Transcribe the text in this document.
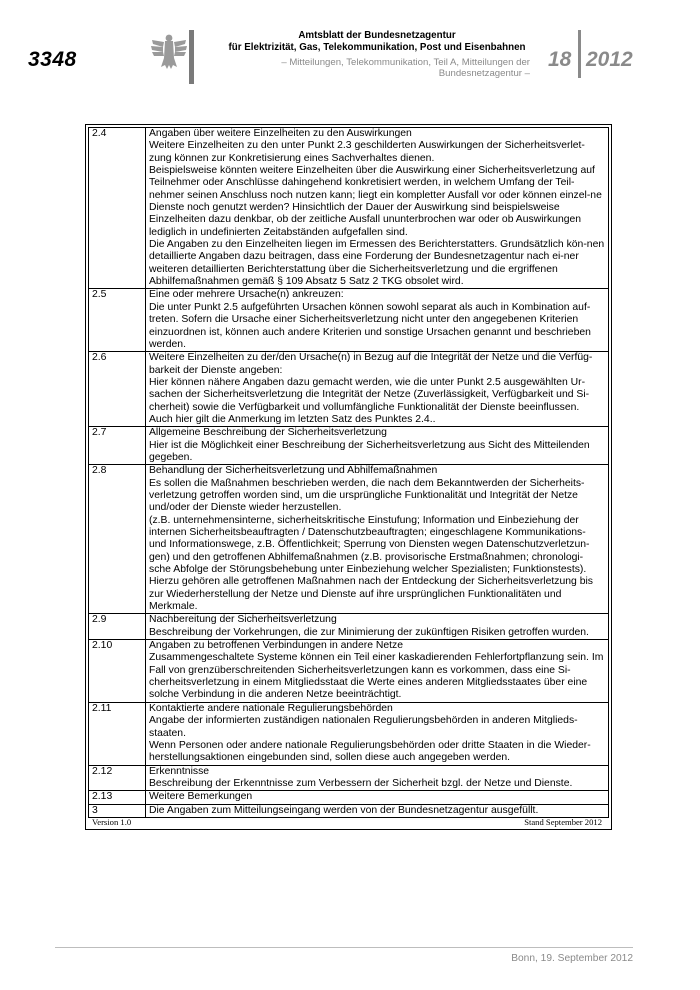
3348
Amtsblatt der Bundesnetzagentur
für Elektrizität, Gas, Telekommunikation, Post und Eisenbahnen
– Mitteilungen, Telekommunikation, Teil A, Mitteilungen der Bundesnetzagentur –
18 2012
2.4	Angaben über weitere Einzelheiten zu den Auswirkungen

Weitere Einzelheiten zu den unter Punkt 2.3 geschilderten Auswirkungen der Sicherheitsverlet-zung können zur Konkretisierung eines Sachverhaltes dienen.

Beispielsweise könnten weitere Einzelheiten über die Auswirkung einer Sicherheitsverletzung auf Teilnehmer oder Anschlüsse dahingehend konkretisiert werden, in welchem Umfang der Teil-nehmer seinen Anschluss noch nutzen kann; liegt ein kompletter Ausfall vor oder können einzel-ne Dienste noch genutzt werden? Hinsichtlich der Dauer der Auswirkung sind beispielsweise Einzelheiten dazu denkbar, ob der zeitliche Ausfall ununterbrochen war oder ob Auswirkungen lediglich in undefinierten Zeitabständen aufgefallen sind.

Die Angaben zu den Einzelheiten liegen im Ermessen des Berichterstatters. Grundsätzlich kön-nen detaillierte Angaben dazu beitragen, dass eine Forderung der Bundesnetzagentur nach ei-ner weiteren detaillierten Berichterstattung über die Sicherheitsverletzung und die ergriffenen Abhilfemaßnahmen gemäß § 109 Absatz 5 Satz 2 TKG obsolet wird.

2.5	Eine oder mehrere Ursache(n) ankreuzen:

Die unter Punkt 2.5 aufgeführten Ursachen können sowohl separat als auch in Kombination auf-treten. Sofern die Ursache einer Sicherheitsverletzung nicht unter den angegebenen Kriterien einzuordnen ist, können auch andere Kriterien und sonstige Ursachen genannt und beschrieben werden.

2.6	Weitere Einzelheiten zu der/den Ursache(n) in Bezug auf die Integrität der Netze und die Verfüg-barkeit der Dienste angeben:

Hier können nähere Angaben dazu gemacht werden, wie die unter Punkt 2.5 ausgewählten Ur-sachen der Sicherheitsverletzung die Integrität der Netze (Zuverlässigkeit, Verfügbarkeit und Si-cherheit) sowie die Verfügbarkeit und vollumfängliche Funktionalität der Dienste beeinflussen.

Auch hier gilt die Anmerkung im letzten Satz des Punktes 2.4..

2.7	Allgemeine Beschreibung der Sicherheitsverletzung

Hier ist die Möglichkeit einer Beschreibung der Sicherheitsverletzung aus Sicht des Mitteilenden gegeben.

2.8	Behandlung der Sicherheitsverletzung und Abhilfemaßnahmen

Es sollen die Maßnahmen beschrieben werden, die nach dem Bekanntwerden der Sicherheits-verletzung getroffen worden sind, um die ursprüngliche Funktionalität und Integrität der Netze und/oder der Dienste wieder herzustellen.

(z.B. unternehmensinterne, sicherheitskritische Einstufung; Information und Einbeziehung der internen Sicherheitsbeauftragten / Datenschutzbeauftragten; eingeschlagene Kommunikations- und Informationswege, z.B. Öffentlichkeit; Sperrung von Diensten wegen Datenschutzverletzun-gen) und den getroffenen Abhilfemaßnahmen (z.B. provisorische Erstmaßnahmen; chronologi-sche Abfolge der Störungsbehebung unter Einbeziehung welcher Spezialisten; Funktionstests).

Hierzu gehören alle getroffenen Maßnahmen nach der Entdeckung der Sicherheitsverletzung bis zur Wiederherstellung der Netze und Dienste auf ihre ursprünglichen Funktionalitäten und Merkmale.

2.9	Nachbereitung der Sicherheitsverletzung

Beschreibung der Vorkehrungen, die zur Minimierung der zukünftigen Risiken getroffen wurden.

2.10	Angaben zu betroffenen Verbindungen in andere Netze

Zusammengeschaltete Systeme können ein Teil einer kaskadierenden Fehlerfortpflanzung sein. Im Fall von grenzüberschreitenden Sicherheitsverletzungen kann es vorkommen, dass eine Si-cherheitsverletzung in einem Mitgliedsstaat die Werte eines anderen Mitgliedsstaates über eine solche Verbindung in die anderen Netze beeinträchtigt.

2.11	Kontaktierte andere nationale Regulierungsbehörden

Angabe der informierten zuständigen nationalen Regulierungsbehörden in anderen Mitglieds-staaten.

Wenn Personen oder andere nationale Regulierungsbehörden oder dritte Staaten in die Wieder-herstellungsaktionen eingebunden sind, sollen diese auch angegeben werden.

2.12	Erkenntnisse

Beschreibung der Erkenntnisse zum Verbessern der Sicherheit bzgl. der Netze und Dienste.

2.13	Weitere Bemerkungen

3	Die Angaben zum Mitteilungseingang werden von der Bundesnetzagentur ausgefüllt.

Version 1.0	Stand September 2012
Bonn, 19. September 2012
